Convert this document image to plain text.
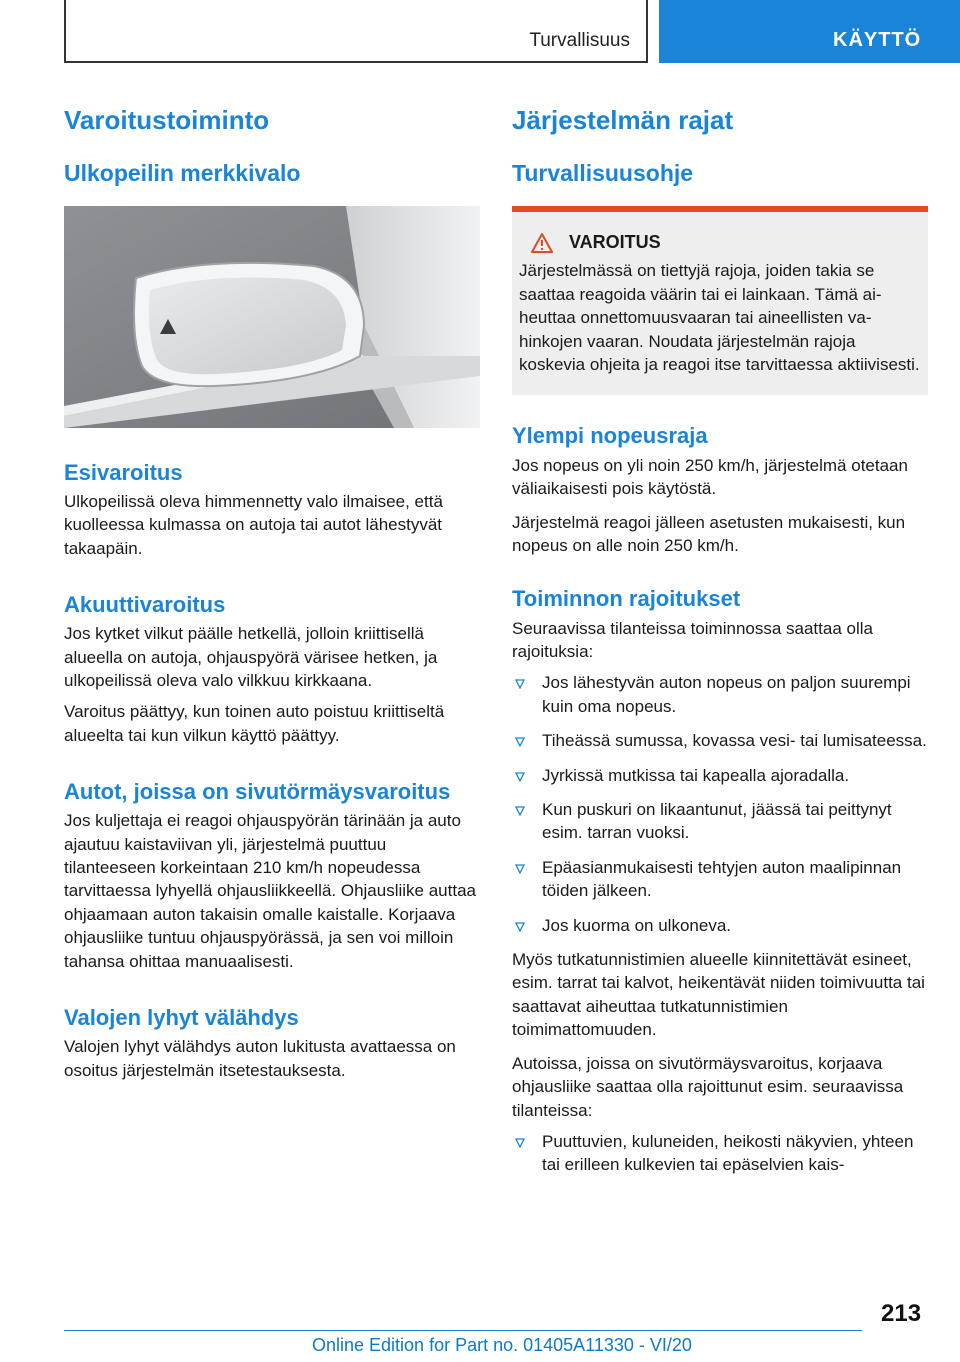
Turvallisuus	KÄYTTÖ
Varoitustoiminto
Ulkopeilin merkkivalo
Esivaroitus

Ulkopeilissä oleva himmennetty valo ilmaisee, että kuolleessa kulmassa on autoja tai autot lähestyvät takaapäin.

Akuuttivaroitus

Jos kytket vilkut päälle hetkellä, jolloin kriittisellä alueella on autoja, ohjauspyörä värisee hetken, ja ulkopeilissä oleva valo vilkkuu kirkkaana.

Varoitus päättyy, kun toinen auto poistuu kriittiseltä alueelta tai kun vilkun käyttö päättyy.

Autot, joissa on sivutörmäysvaroitus

Jos kuljettaja ei reagoi ohjauspyörän tärinään ja auto ajautuu kaistaviivan yli, järjestelmä puuttuu tilanteeseen korkeintaan 210 km/h nopeudessa tarvittaessa lyhyellä ohjausliikkeellä. Ohjausliike auttaa ohjaamaan auton takaisin omalle kaistalle. Korjaava ohjausliike tuntuu ohjauspyörässä, ja sen voi milloin tahansa ohittaa manuaalisesti.

Valojen lyhyt välähdys

Valojen lyhyt välähdys auton lukitusta avattaessa on osoitus järjestelmän itsetestauksesta.

Järjestelmän rajat
Turvallisuusohje
VAROITUS

Järjestelmässä on tiettyjä rajoja, joiden takia se saattaa reagoida väärin tai ei lainkaan. Tämä aiheuttaa onnettomuusvaaran tai aineellisten vahinkojen vaaran. Noudata järjestelmän rajoja koskevia ohjeita ja reagoi itse tarvittaessa aktiivisesti.

Ylempi nopeusraja

Jos nopeus on yli noin 250 km/h, järjestelmä otetaan väliaikaisesti pois käytöstä.

Järjestelmä reagoi jälleen asetusten mukaisesti, kun nopeus on alle noin 250 km/h.

Toiminnon rajoitukset

Seuraavissa tilanteissa toiminnossa saattaa olla rajoituksia:

Jos lähestyvän auton nopeus on paljon suurempi kuin oma nopeus.
Tiheässä sumussa, kovassa vesi- tai lumisateessa.
Jyrkissä mutkissa tai kapealla ajoradalla.
Kun puskuri on likaantunut, jäässä tai peittynyt esim. tarran vuoksi.
Epäasianmukaisesti tehtyjen auton maalipinnan töiden jälkeen.
Jos kuorma on ulkoneva.

Myös tutkatunnistimien alueelle kiinnitettävät esineet, esim. tarrat tai kalvot, heikentävät niiden toimivuutta tai saattavat aiheuttaa tutkatunnistimien toimimattomuuden.

Autoissa, joissa on sivutörmäysvaroitus, korjaava ohjausliike saattaa olla rajoittunut esim. seuraavissa tilanteissa:

Puuttuvien, kuluneiden, heikosti näkyvien, yhteen tai erilleen kulkevien tai epäselvien kais-
213
Online Edition for Part no. 01405A11330 - VI/20
